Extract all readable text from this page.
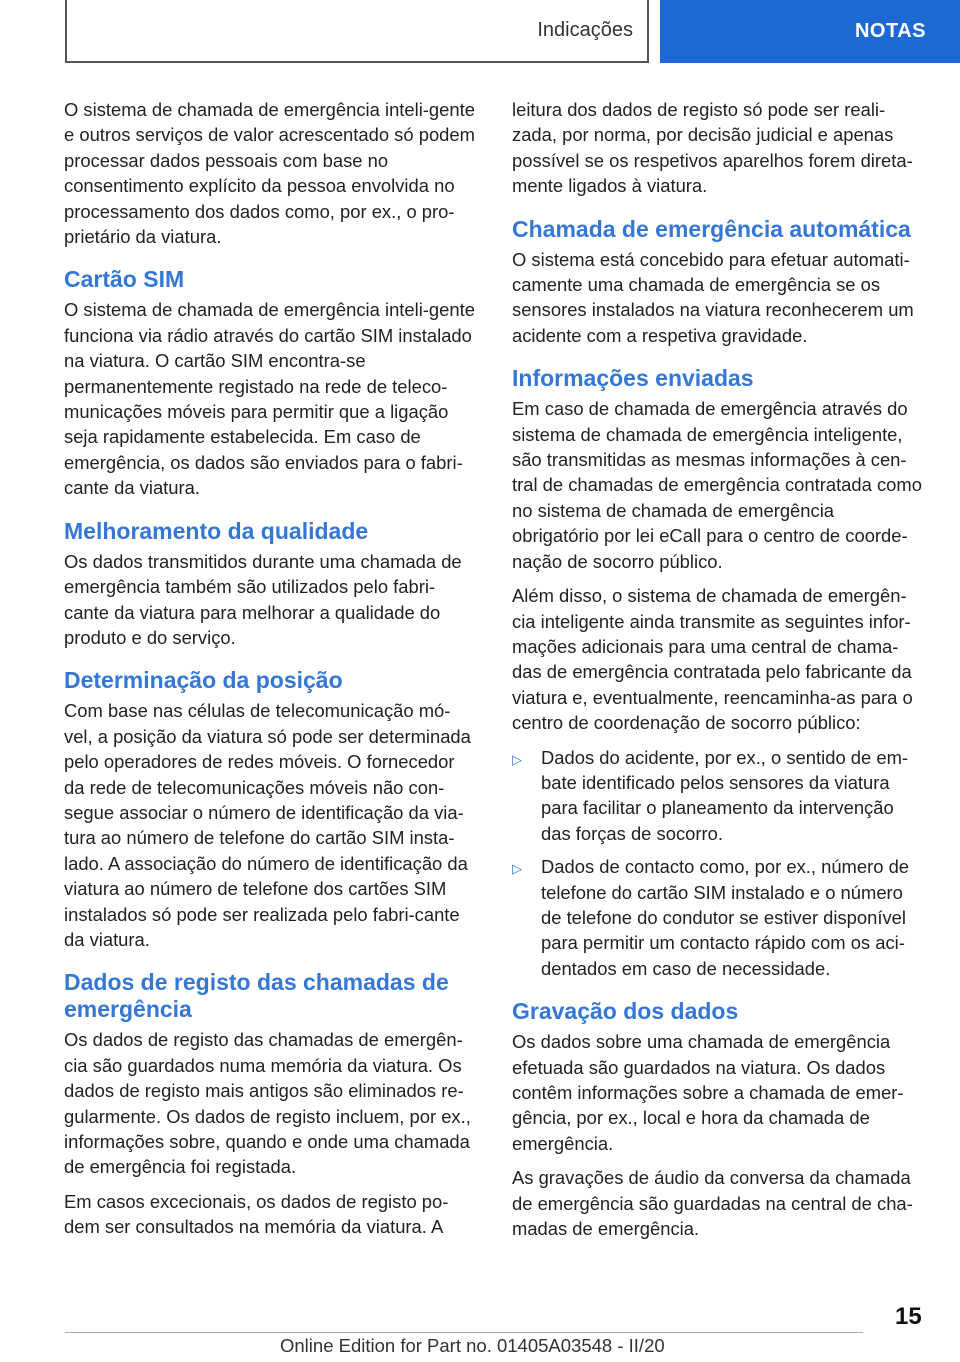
Indicações	NOTAS

O sistema de chamada de emergência inteli-gente e outros serviços de valor acrescentado só podem processar dados pessoais com base no consentimento explícito da pessoa envolvida no processamento dos dados como, por ex., o pro-prietário da viatura.

Cartão SIM

O sistema de chamada de emergência inteli-gente funciona via rádio através do cartão SIM instalado na viatura. O cartão SIM encontra-se permanentemente registado na rede de teleco-municações móveis para permitir que a ligação seja rapidamente estabelecida. Em caso de emergência, os dados são enviados para o fabri-cante da viatura.

Melhoramento da qualidade

Os dados transmitidos durante uma chamada de emergência também são utilizados pelo fabri-cante da viatura para melhorar a qualidade do produto e do serviço.

Determinação da posição

Com base nas células de telecomunicação mó-vel, a posição da viatura só pode ser determinada pelo operadores de redes móveis. O fornecedor da rede de telecomunicações móveis não con-segue associar o número de identificação da via-tura ao número de telefone do cartão SIM insta-lado. A associação do número de identificação da viatura ao número de telefone dos cartões SIM instalados só pode ser realizada pelo fabri-cante da viatura.

Dados de registo das chamadas de emergência

Os dados de registo das chamadas de emergên-cia são guardados numa memória da viatura. Os dados de registo mais antigos são eliminados re-gularmente. Os dados de registo incluem, por ex., informações sobre, quando e onde uma chamada de emergência foi registada.

Em casos excecionais, os dados de registo po-dem ser consultados na memória da viatura. A

leitura dos dados de registo só pode ser reali-zada, por norma, por decisão judicial e apenas possível se os respetivos aparelhos forem direta-mente ligados à viatura.

Chamada de emergência automática

O sistema está concebido para efetuar automati-camente uma chamada de emergência se os sensores instalados na viatura reconhecerem um acidente com a respetiva gravidade.

Informações enviadas

Em caso de chamada de emergência através do sistema de chamada de emergência inteligente, são transmitidas as mesmas informações à cen-tral de chamadas de emergência contratada como no sistema de chamada de emergência obrigatório por lei eCall para o centro de coorde-nação de socorro público.

Além disso, o sistema de chamada de emergên-cia inteligente ainda transmite as seguintes infor-mações adicionais para uma central de chama-das de emergência contratada pelo fabricante da viatura e, eventualmente, reencaminha-as para o centro de coordenação de socorro público:

▷ Dados do acidente, por ex., o sentido de em-bate identificado pelos sensores da viatura para facilitar o planeamento da intervenção das forças de socorro.
▷ Dados de contacto como, por ex., número de telefone do cartão SIM instalado e o número de telefone do condutor se estiver disponível para permitir um contacto rápido com os aci-dentados em caso de necessidade.
Gravação dos dados

Os dados sobre uma chamada de emergência efetuada são guardados na viatura. Os dados contêm informações sobre a chamada de emer-gência, por ex., local e hora da chamada de emergência.

As gravações de áudio da conversa da chamada de emergência são guardadas na central de cha-madas de emergência.

15
Online Edition for Part no. 01405A03548 - II/20
